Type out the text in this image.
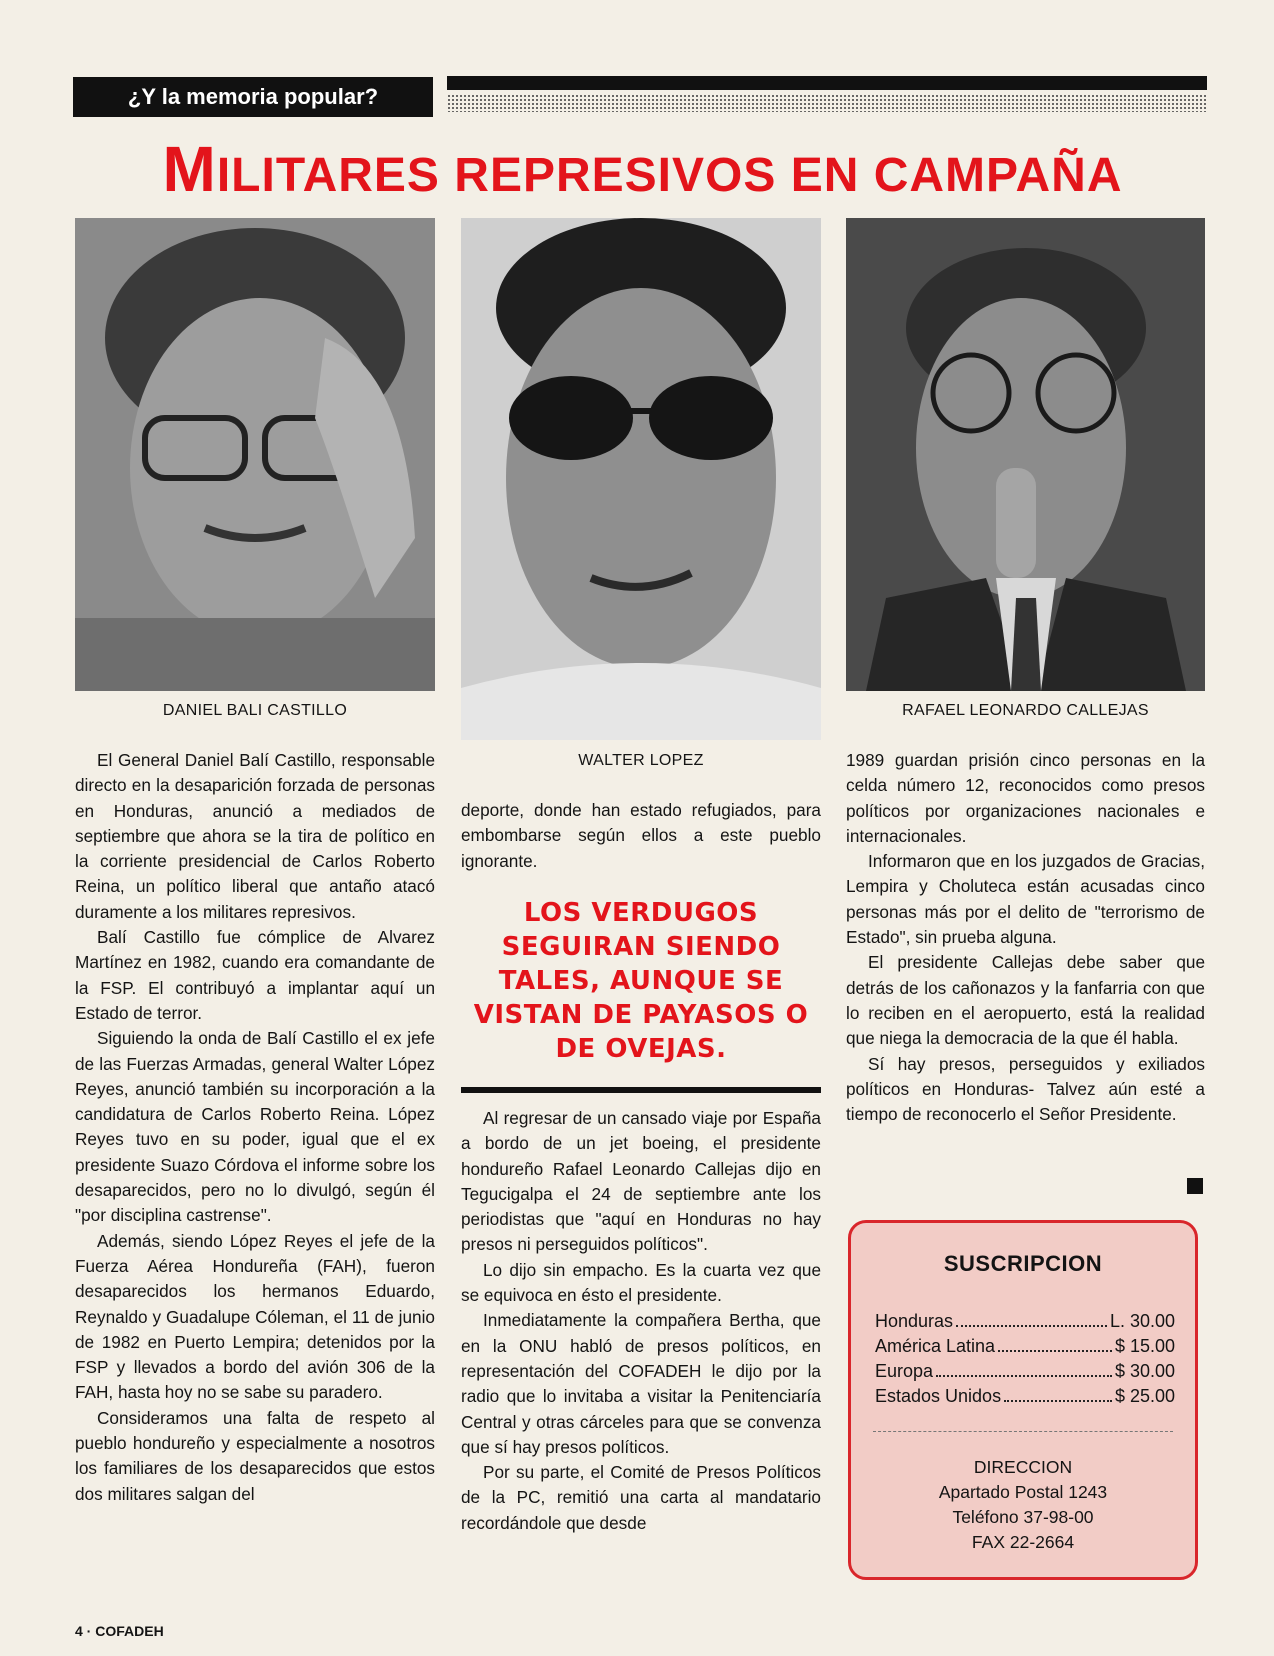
¿Y la memoria popular?
MILITARES REPRESIVOS EN CAMPAÑA
DANIEL BALI CASTILLO
WALTER LOPEZ
RAFAEL LEONARDO CALLEJAS

El General Daniel Balí Castillo, responsable directo en la desaparición forzada de personas en Honduras, anunció a mediados de septiembre que ahora se la tira de político en la corriente presidencial de Carlos Roberto Reina, un político liberal que antaño atacó duramente a los militares represivos.

Balí Castillo fue cómplice de Alvarez Martínez en 1982, cuando era comandante de la FSP. El contribuyó a implantar aquí un Estado de terror.

Siguiendo la onda de Balí Castillo el ex jefe de las Fuerzas Armadas, general Walter López Reyes, anunció también su incorporación a la candidatura de Carlos Roberto Reina. López Reyes tuvo en su poder, igual que el ex presidente Suazo Córdova el informe sobre los desaparecidos, pero no lo divulgó, según él "por disciplina castrense".

Además, siendo López Reyes el jefe de la Fuerza Aérea Hondureña (FAH), fueron desaparecidos los hermanos Eduardo, Reynaldo y Guadalupe Cóleman, el 11 de junio de 1982 en Puerto Lempira; detenidos por la FSP y llevados a bordo del avión 306 de la FAH, hasta hoy no se sabe su paradero.

Consideramos una falta de respeto al pueblo hondureño y especialmente a nosotros los familiares de los desaparecidos que estos dos militares salgan del

deporte, donde han estado refugiados, para embombarse según ellos a este pueblo ignorante.

LOS VERDUGOS SEGUIRAN SIENDO TALES, AUNQUE SE VISTAN DE PAYASOS O DE OVEJAS.

Al regresar de un cansado viaje por España a bordo de un jet boeing, el presidente hondureño Rafael Leonardo Callejas dijo en Tegucigalpa el 24 de septiembre ante los periodistas que "aquí en Honduras no hay presos ni perseguidos políticos".

Lo dijo sin empacho. Es la cuarta vez que se equivoca en ésto el presidente.

Inmediatamente la compañera Bertha, que en la ONU habló de presos políticos, en representación del COFADEH le dijo por la radio que lo invitaba a visitar la Penitenciaría Central y otras cárceles para que se convenza que sí hay presos políticos.

Por su parte, el Comité de Presos Políticos de la PC, remitió una carta al mandatario recordándole que desde

1989 guardan prisión cinco personas en la celda número 12, reconocidos como presos políticos por organizaciones nacionales e internacionales.

Informaron que en los juzgados de Gracias, Lempira y Choluteca están acusadas cinco personas más por el delito de "terrorismo de Estado", sin prueba alguna.

El presidente Callejas debe saber que detrás de los cañonazos y la fanfarria con que lo reciben en el aeropuerto, está la realidad que niega la democracia de la que él habla.

Sí hay presos, perseguidos y exiliados políticos en Honduras- Talvez aún esté a tiempo de reconocerlo el Señor Presidente.

SUSCRIPCION
Honduras	L. 30.00
América Latina	$ 15.00
Europa	$ 30.00
Estados Unidos	$ 25.00
DIRECCION
Apartado Postal 1243
Teléfono 37-98-00
FAX 22-2664
4 · COFADEH
